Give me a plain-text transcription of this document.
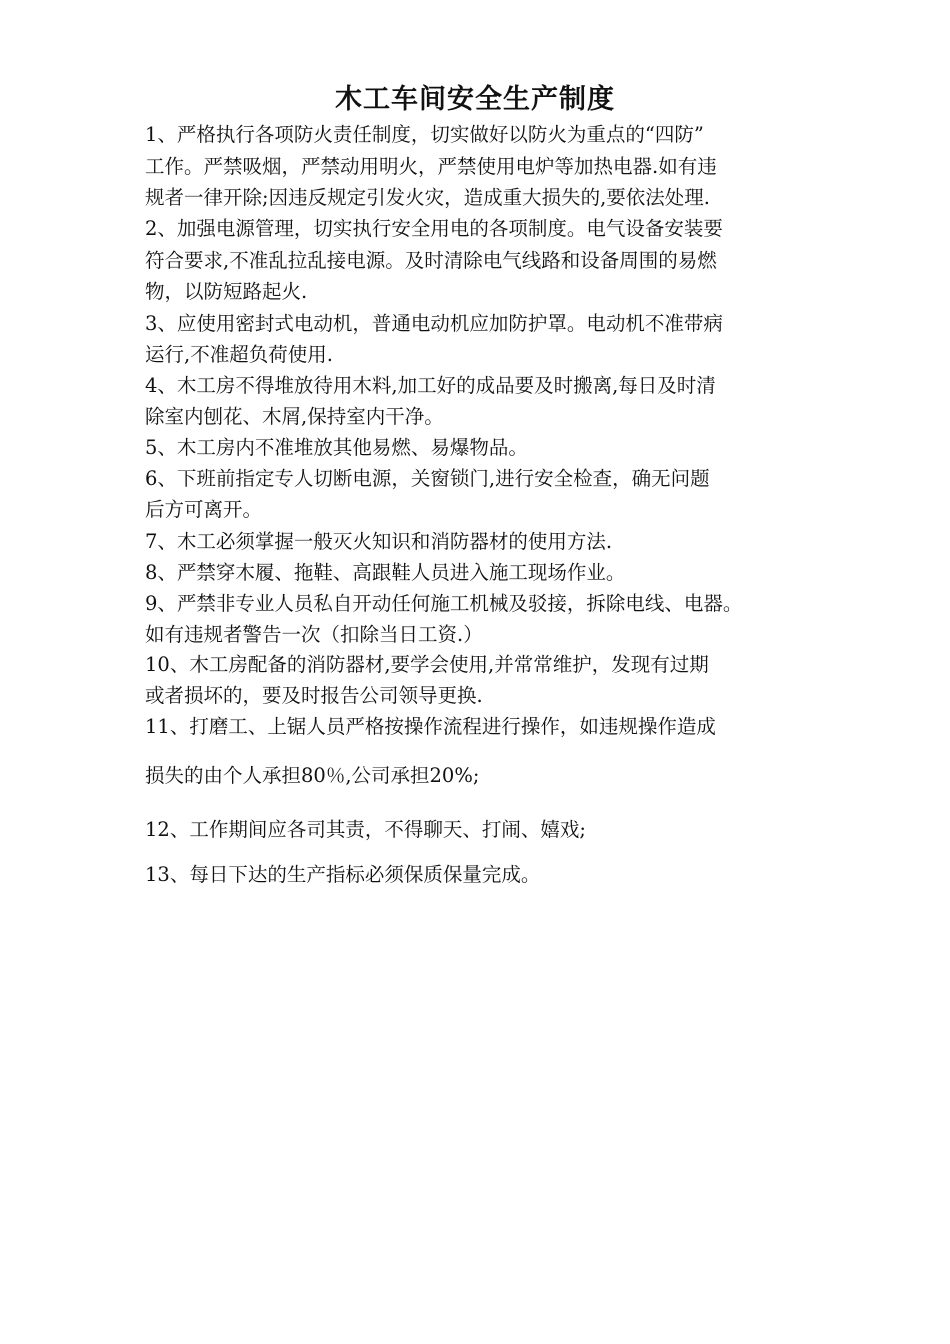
木工车间安全生产制度
1、严格执行各项防火责任制度，切实做好以防火为重点的“四防”
工作。严禁吸烟，严禁动用明火，严禁使用电炉等加热电器.如有违
规者一律开除;因违反规定引发火灾，造成重大损失的,要依法处理.
2、加强电源管理，切实执行安全用电的各项制度。电气设备安装要
符合要求,不准乱拉乱接电源。及时清除电气线路和设备周围的易燃
物，以防短路起火.
3、应使用密封式电动机，普通电动机应加防护罩。电动机不准带病
运行,不准超负荷使用.
4、木工房不得堆放待用木料,加工好的成品要及时搬离,每日及时清
除室内刨花、木屑,保持室内干净。
5、木工房内不准堆放其他易燃、易爆物品。
6、下班前指定专人切断电源，关窗锁门,进行安全检查，确无问题
后方可离开。
7、木工必须掌握一般灭火知识和消防器材的使用方法.
8、严禁穿木履、拖鞋、高跟鞋人员进入施工现场作业。
9、严禁非专业人员私自开动任何施工机械及驳接，拆除电线、电器。
如有违规者警告一次（扣除当日工资.）
10、木工房配备的消防器材,要学会使用,并常常维护，发现有过期
或者损坏的，要及时报告公司领导更换.
11、打磨工、上锯人员严格按操作流程进行操作，如违规操作造成
损失的由个人承担80％,公司承担20%;
12、工作期间应各司其责，不得聊天、打闹、嬉戏;
13、每日下达的生产指标必须保质保量完成。
